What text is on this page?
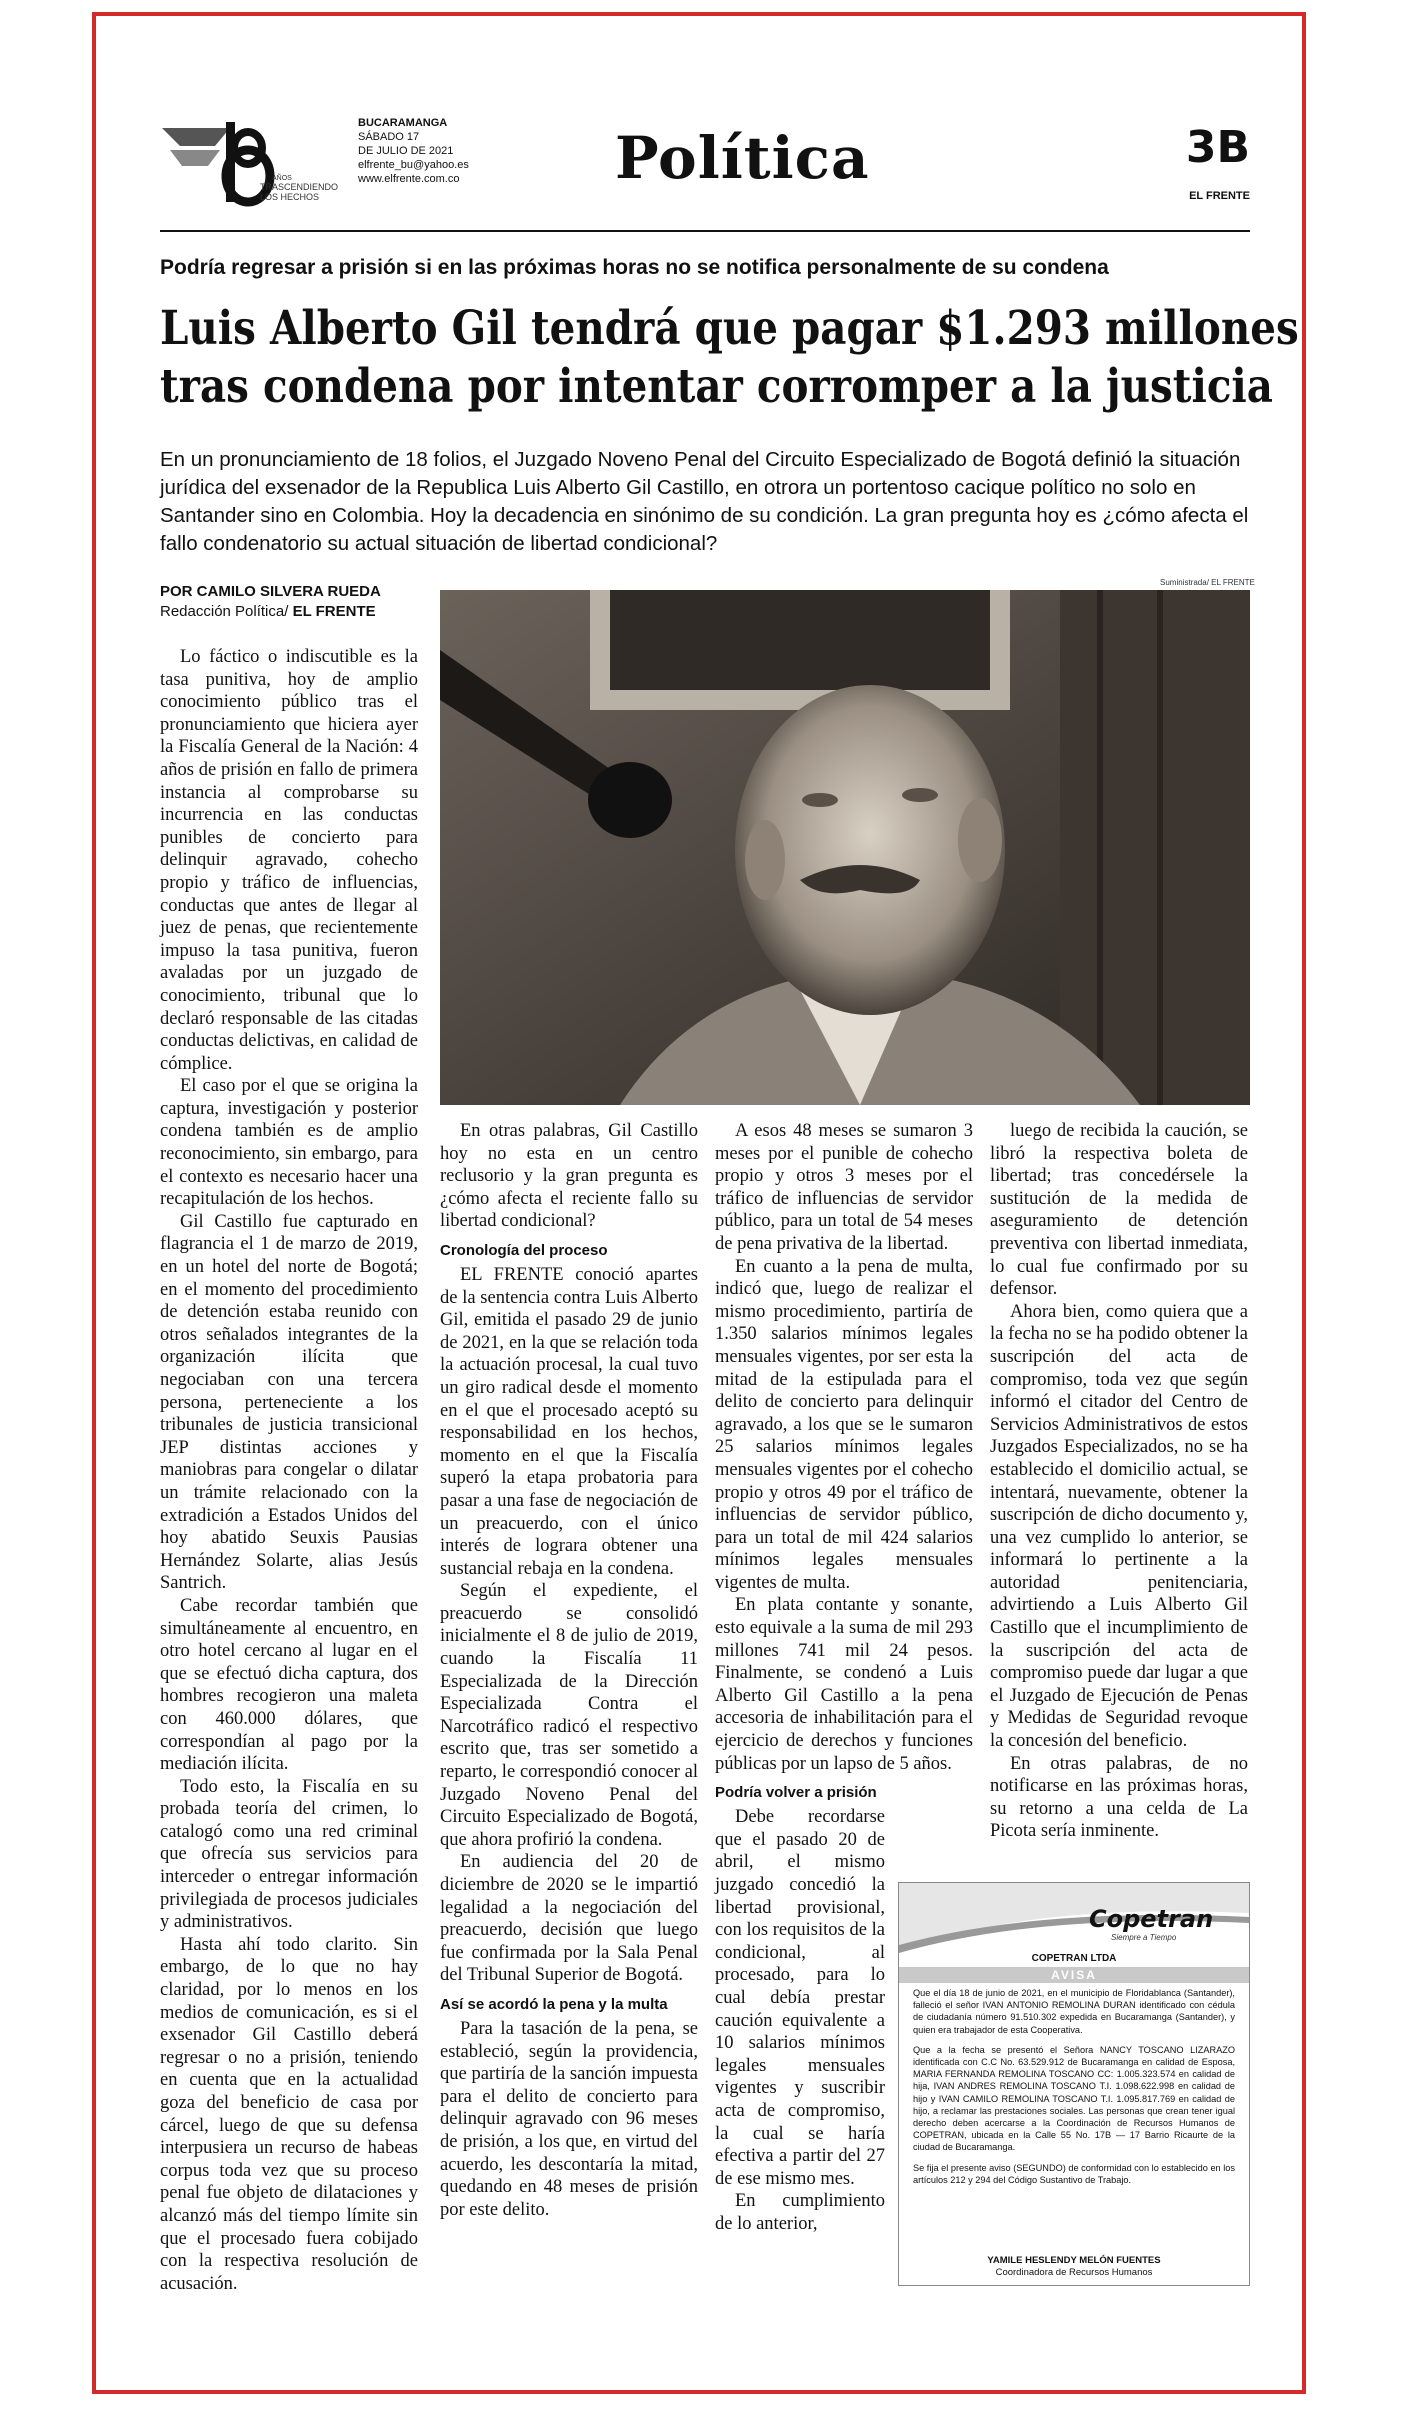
AÑOS
TRASCENDIENDO
LOS HECHOS
BUCARAMANGA
SÁBADO 17
DE JULIO DE 2021
elfrente_bu@yahoo.es
www.elfrente.com.co	Política	3B
EL FRENTE
Podría regresar a prisión si en las próximas horas no se notifica personalmente de su condena
Luis Alberto Gil tendrá que pagar $1.293 millones
tras condena por intentar corromper a la justicia
En un pronunciamiento de 18 folios, el Juzgado Noveno Penal del Circuito Especializado de Bogotá definió la situación jurídica del exsenador de la Republica Luis Alberto Gil Castillo, en otrora un portentoso cacique político no solo en Santander sino en Colombia. Hoy la decadencia en sinónimo de su condición. La gran pregunta hoy es ¿cómo afecta el fallo condenatorio su actual situación de libertad condicional?
POR CAMILO SILVERA RUEDA
Redacción Política/ EL FRENTE
Suministrada/ EL FRENTE

Lo fáctico o indiscutible es la tasa punitiva, hoy de amplio conocimiento público tras el pronunciamiento que hiciera ayer la Fiscalía General de la Nación: 4 años de prisión en fallo de primera instancia al comprobarse su incurrencia en las conductas punibles de concierto para delinquir agravado, cohecho propio y tráfico de influencias, conductas que antes de llegar al juez de penas, que recientemente impuso la tasa punitiva, fueron avaladas por un juzgado de conocimiento, tribunal que lo declaró responsable de las citadas conductas delictivas, en calidad de cómplice.

El caso por el que se origina la captura, investigación y posterior condena también es de amplio reconocimiento, sin embargo, para el contexto es necesario hacer una recapitulación de los hechos.

Gil Castillo fue capturado en flagrancia el 1 de marzo de 2019, en un hotel del norte de Bogotá; en el momento del procedimiento de detención estaba reunido con otros señalados integrantes de la organización ilícita que negociaban con una tercera persona, perteneciente a los tribunales de justicia transicional JEP distintas acciones y maniobras para congelar o dilatar un trámite relacionado con la extradición a Estados Unidos del hoy abatido Seuxis Pausias Hernández Solarte, alias Jesús Santrich.

Cabe recordar también que simultáneamente al encuentro, en otro hotel cercano al lugar en el que se efectuó dicha captura, dos hombres recogieron una maleta con 460.000 dólares, que correspondían al pago por la mediación ilícita.

Todo esto, la Fiscalía en su probada teoría del crimen, lo catalogó como una red criminal que ofrecía sus servicios para interceder o entregar información privilegiada de procesos judiciales y administrativos.

Hasta ahí todo clarito. Sin embargo, de lo que no hay claridad, por lo menos en los medios de comunicación, es si el exsenador Gil Castillo deberá regresar o no a prisión, teniendo en cuenta que en la actualidad goza del beneficio de casa por cárcel, luego de que su defensa interpusiera un recurso de habeas corpus toda vez que su proceso penal fue objeto de dilataciones y alcanzó más del tiempo límite sin que el procesado fuera cobijado con la respectiva resolución de acusación.

En otras palabras, Gil Castillo hoy no esta en un centro reclusorio y la gran pregunta es ¿cómo afecta el reciente fallo su libertad condicional?

Cronología del proceso

EL FRENTE conoció apartes de la sentencia contra Luis Alberto Gil, emitida el pasado 29 de junio de 2021, en la que se relación toda la actuación procesal, la cual tuvo un giro radical desde el momento en el que el procesado aceptó su responsabilidad en los hechos, momento en el que la Fiscalía superó la etapa probatoria para pasar a una fase de negociación de un preacuerdo, con el único interés de lograra obtener una sustancial rebaja en la condena.

Según el expediente, el preacuerdo se consolidó inicialmente el 8 de julio de 2019, cuando la Fiscalía 11 Especializada de la Dirección Especializada Contra el Narcotráfico radicó el respectivo escrito que, tras ser sometido a reparto, le correspondió conocer al Juzgado Noveno Penal del Circuito Especializado de Bogotá, que ahora profirió la condena.

En audiencia del 20 de diciembre de 2020 se le impartió legalidad a la negociación del preacuerdo, decisión que luego fue confirmada por la Sala Penal del Tribunal Superior de Bogotá.

Así se acordó la pena y la multa

Para la tasación de la pena, se estableció, según la providencia, que partiría de la sanción impuesta para el delito de concierto para delinquir agravado con 96 meses de prisión, a los que, en virtud del acuerdo, les descontaría la mitad, quedando en 48 meses de prisión por este delito.

A esos 48 meses se sumaron 3 meses por el punible de cohecho propio y otros 3 meses por el tráfico de influencias de servidor público, para un total de 54 meses de pena privativa de la libertad.

En cuanto a la pena de multa, indicó que, luego de realizar el mismo procedimiento, partiría de 1.350 salarios mínimos legales mensuales vigentes, por ser esta la mitad de la estipulada para el delito de concierto para delinquir agravado, a los que se le sumaron 25 salarios mínimos legales mensuales vigentes por el cohecho propio y otros 49 por el tráfico de influencias de servidor público, para un total de mil 424 salarios mínimos legales mensuales vigentes de multa.

En plata contante y sonante, esto equivale a la suma de mil 293 millones 741 mil 24 pesos. Finalmente, se condenó a Luis Alberto Gil Castillo a la pena accesoria de inhabilitación para el ejercicio de derechos y funciones públicas por un lapso de 5 años.

Podría volver a prisión

Debe recordarse que el pasado 20 de abril, el mismo juzgado concedió la libertad provisional, con los requisitos de la condicional, al procesado, para lo cual debía prestar caución equivalente a 10 salarios mínimos legales mensuales vigentes y suscribir acta de compromiso, la cual se haría efectiva a partir del 27 de ese mismo mes.

En cumplimiento de lo anterior,

luego de recibida la caución, se libró la respectiva boleta de libertad; tras concedérsele la sustitución de la medida de aseguramiento de detención preventiva con libertad inmediata, lo cual fue confirmado por su defensor.

Ahora bien, como quiera que a la fecha no se ha podido obtener la suscripción del acta de compromiso, toda vez que según informó el citador del Centro de Servicios Administrativos de estos Juzgados Especializados, no se ha establecido el domicilio actual, se intentará, nuevamente, obtener la suscripción de dicho documento y, una vez cumplido lo anterior, se informará lo pertinente a la autoridad penitenciaria, advirtiendo a Luis Alberto Gil Castillo que el incumplimiento de la suscripción del acta de compromiso puede dar lugar a que el Juzgado de Ejecución de Penas y Medidas de Seguridad revoque la concesión del beneficio.

En otras palabras, de no notificarse en las próximas horas, su retorno a una celda de La Picota sería inminente.

Copetran
Siempre a Tiempo
COPETRAN LTDA
AVISA

Que el día 18 de junio de 2021, en el municipio de Floridablanca (Santander), falleció el señor IVAN ANTONIO REMOLINA DURAN identificado con cédula de ciudadanía número 91.510.302 expedida en Bucaramanga (Santander), y quien era trabajador de esta Cooperativa.

Que a la fecha se presentó el Señora NANCY TOSCANO LIZARAZO identificada con C.C No. 63.529.912 de Bucaramanga en calidad de Esposa, MARIA FERNANDA REMOLINA TOSCANO CC: 1.005.323.574 en calidad de hija, IVAN ANDRES REMOLINA TOSCANO T.I. 1.098.622.998 en calidad de hijo y IVAN CAMILO REMOLINA TOSCANO T.I. 1.095.817.769 en calidad de hijo, a reclamar las prestaciones sociales. Las personas que crean tener igual derecho deben acercarse a la Coordinación de Recursos Humanos de COPETRAN, ubicada en la Calle 55 No. 17B — 17 Barrio Ricaurte de la ciudad de Bucaramanga.

Se fija el presente aviso (SEGUNDO) de conformidad con lo establecido en los artículos 212 y 294 del Código Sustantivo de Trabajo.

YAMILE HESLENDY MELÓN FUENTES
Coordinadora de Recursos Humanos
